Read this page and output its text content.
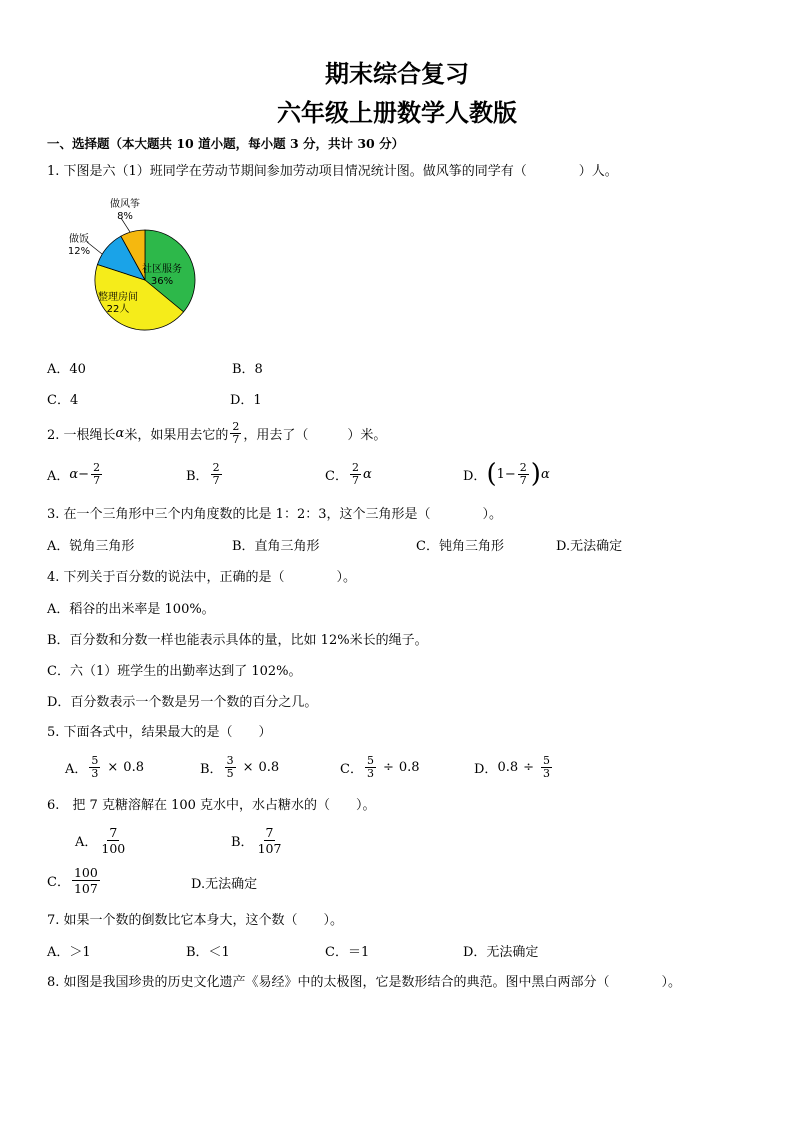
期末综合复习
六年级上册数学人教版
一、选择题（本大题共 10 道小题，每小题 3 分，共计 30 分）
1. 下图是六（1）班同学在劳动节期间参加劳动项目情况统计图。做风筝的同学有（　　　　）人。
做风筝
8%
做饭
12%
社区服务
36%
整理房间
22人
A．40	B．8
C．4	D．1
2. 一根绳长 α 米，如果用去它的 $\frac{2}{7}$ ，用去了（　　　）米。
A． $\alpha - \frac{2}{7}$	B． $\frac{2}{7}$	C． $\frac{2}{7}$ α	D． ( $1 - \frac{2}{7}$ ) α
3. 在一个三角形中三个内角度数的比是 1：2：3，这个三角形是（　　　　）。
A．锐角三角形	B．直角三角形	C．钝角三角形	D.无法确定
4. 下列关于百分数的说法中，正确的是（　　　　）。
A．稻谷的出米率是 100%。
B．百分数和分数一样也能表示具体的量，比如 12%米长的绳子。
C．六（1）班学生的出勤率达到了 102%。
D．百分数表示一个数是另一个数的百分之几。
5. 下面各式中，结果最大的是（　　）
A． $\frac{5}{3} \times 0.8$	B． $\frac{3}{5} \times 0.8$	C． $\frac{5}{3} \div 0.8$	D． $0.8 \div \frac{5}{3}$
6.　把 7 克糖溶解在 100 克水中，水占糖水的（　　）。
A． $\frac{7}{100}$	B． $\frac{7}{107}$
C． $\frac{100}{107}$	D.无法确定
7. 如果一个数的倒数比它本身大，这个数（　　）。
A．＞1	B．＜1	C．＝1	D．无法确定
8. 如图是我国珍贵的历史文化遗产《易经》中的太极图，它是数形结合的典范。图中黑白两部分（　　　　）。
